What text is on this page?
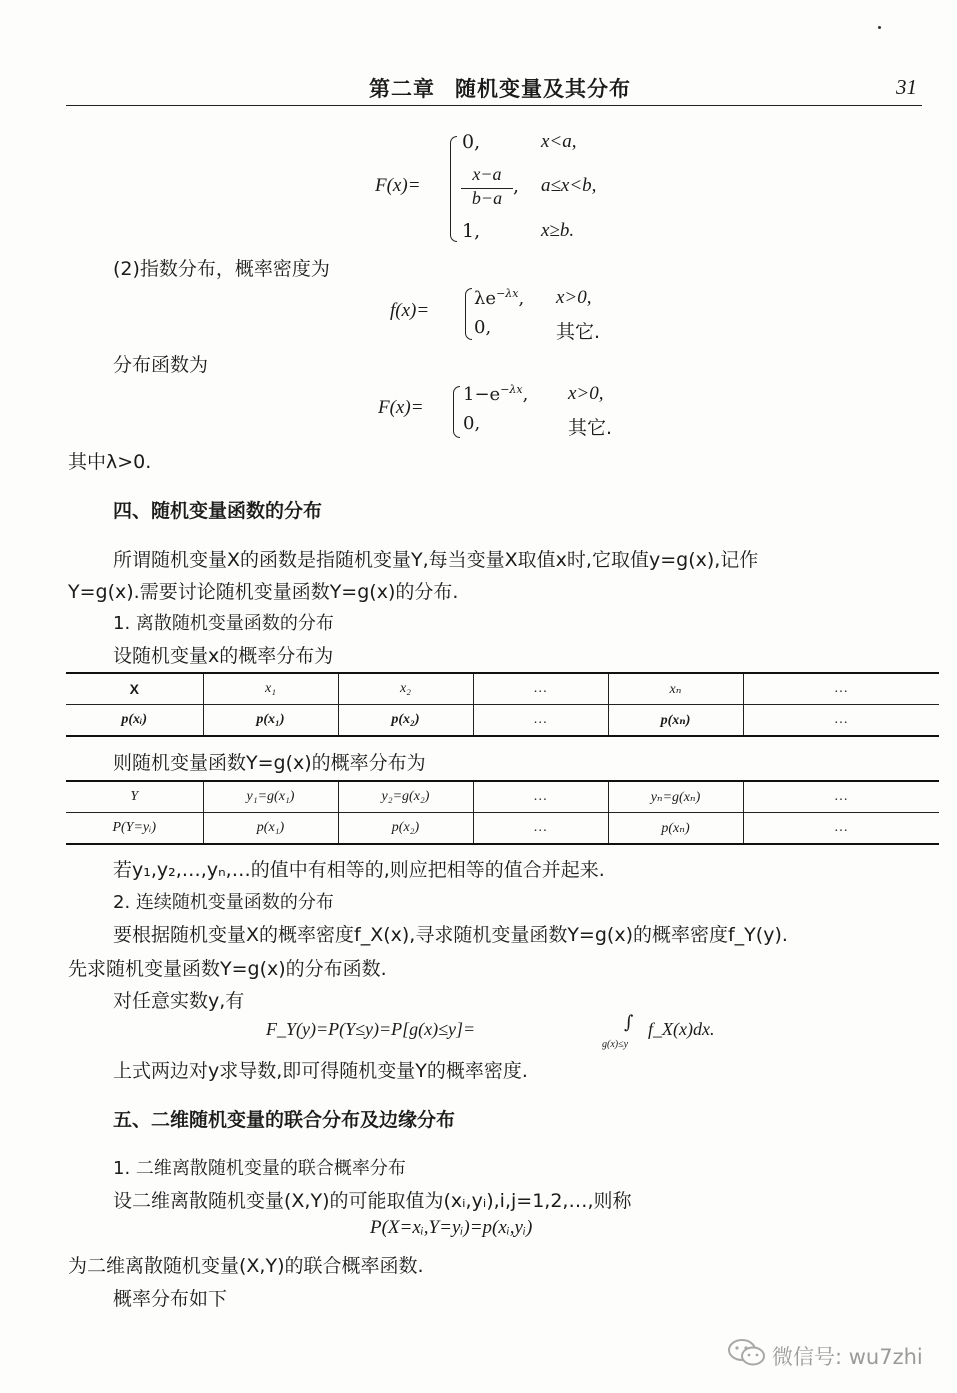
第二章 随机变量及其分布	31
F(x)=
0,	x<a,
x−a
b−a
, a≤x<b,
1,	x≥b.
(2)指数分布，概率密度为
f(x)=
$\lambda e^{-\lambda x}$, x>0,
0,	其它.
分布函数为
F(x)=
$1-e^{-\lambda x}$, x>0,
0,	其它.
其中λ>0.
四、随机变量函数的分布
所谓随机变量X的函数是指随机变量Y,每当变量X取值x时,它取值y=g(x),记作
Y=g(x).需要讨论随机变量函数Y=g(x)的分布.
1. 离散随机变量函数的分布
设随机变量x的概率分布为
X	x₁	x₂	…	xₙ	…
p(xᵢ)	p(x₁)	p(x₂)	…	p(xₙ)	…
则随机变量函数Y=g(x)的概率分布为
Y	y₁=g(x₁)	y₂=g(x₂)	…	yₙ=g(xₙ)	…
P(Y=yᵢ)	p(x₁)	p(x₂)	…	p(xₙ)	…
若y₁,y₂,…,yₙ,…的值中有相等的,则应把相等的值合并起来.
2. 连续随机变量函数的分布
要根据随机变量X的概率密度f_X(x),寻求随机变量函数Y=g(x)的概率密度f_Y(y).
先求随机变量函数Y=g(x)的分布函数.
对任意实数y,有
F_Y(y)=P(Y≤y)=P[g(x)≤y]=	∫
g(x)≤y
f_X(x)dx.
上式两边对y求导数,即可得随机变量Y的概率密度.
五、二维随机变量的联合分布及边缘分布
1. 二维离散随机变量的联合概率分布
设二维离散随机变量(X,Y)的可能取值为(xᵢ,yᵢ),i,j=1,2,…,则称
P(X=xᵢ,Y=yᵢ)=p(xᵢ,yᵢ)
为二维离散随机变量(X,Y)的联合概率函数.
概率分布如下
微信号: wu7zhi
